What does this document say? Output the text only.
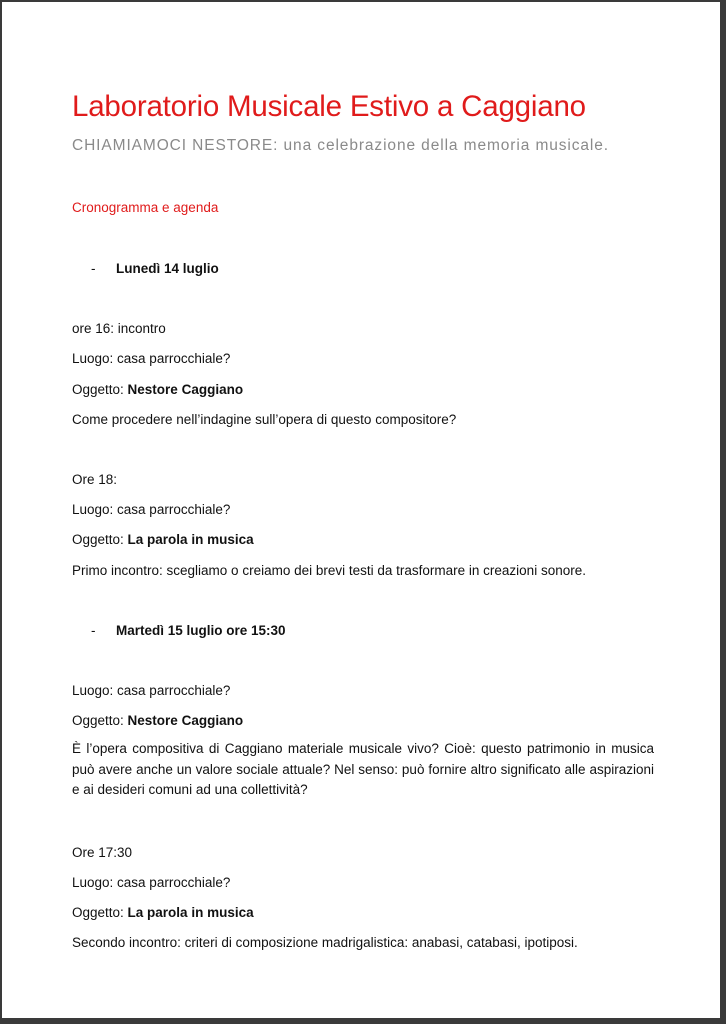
Laboratorio Musicale Estivo a Caggiano
CHIAMIAMOCI NESTORE: una celebrazione della memoria musicale.
Cronogramma e agenda
- Lunedì 14 luglio
ore 16: incontro
Luogo: casa parrocchiale?
Oggetto: Nestore Caggiano
Come procedere nell’indagine sull’opera di questo compositore?
Ore 18:
Luogo: casa parrocchiale?
Oggetto: La parola in musica
Primo incontro: scegliamo o creiamo dei brevi testi da trasformare in creazioni sonore.
- Martedì 15 luglio ore 15:30
Luogo: casa parrocchiale?
Oggetto: Nestore Caggiano
È l’opera compositiva di Caggiano materiale musicale vivo? Cioè: questo patrimonio in musica può avere anche un valore sociale attuale? Nel senso: può fornire altro significato alle aspirazioni e ai desideri comuni ad una collettività?
Ore 17:30
Luogo: casa parrocchiale?
Oggetto: La parola in musica
Secondo incontro: criteri di composizione madrigalistica: anabasi, catabasi, ipotiposi.
